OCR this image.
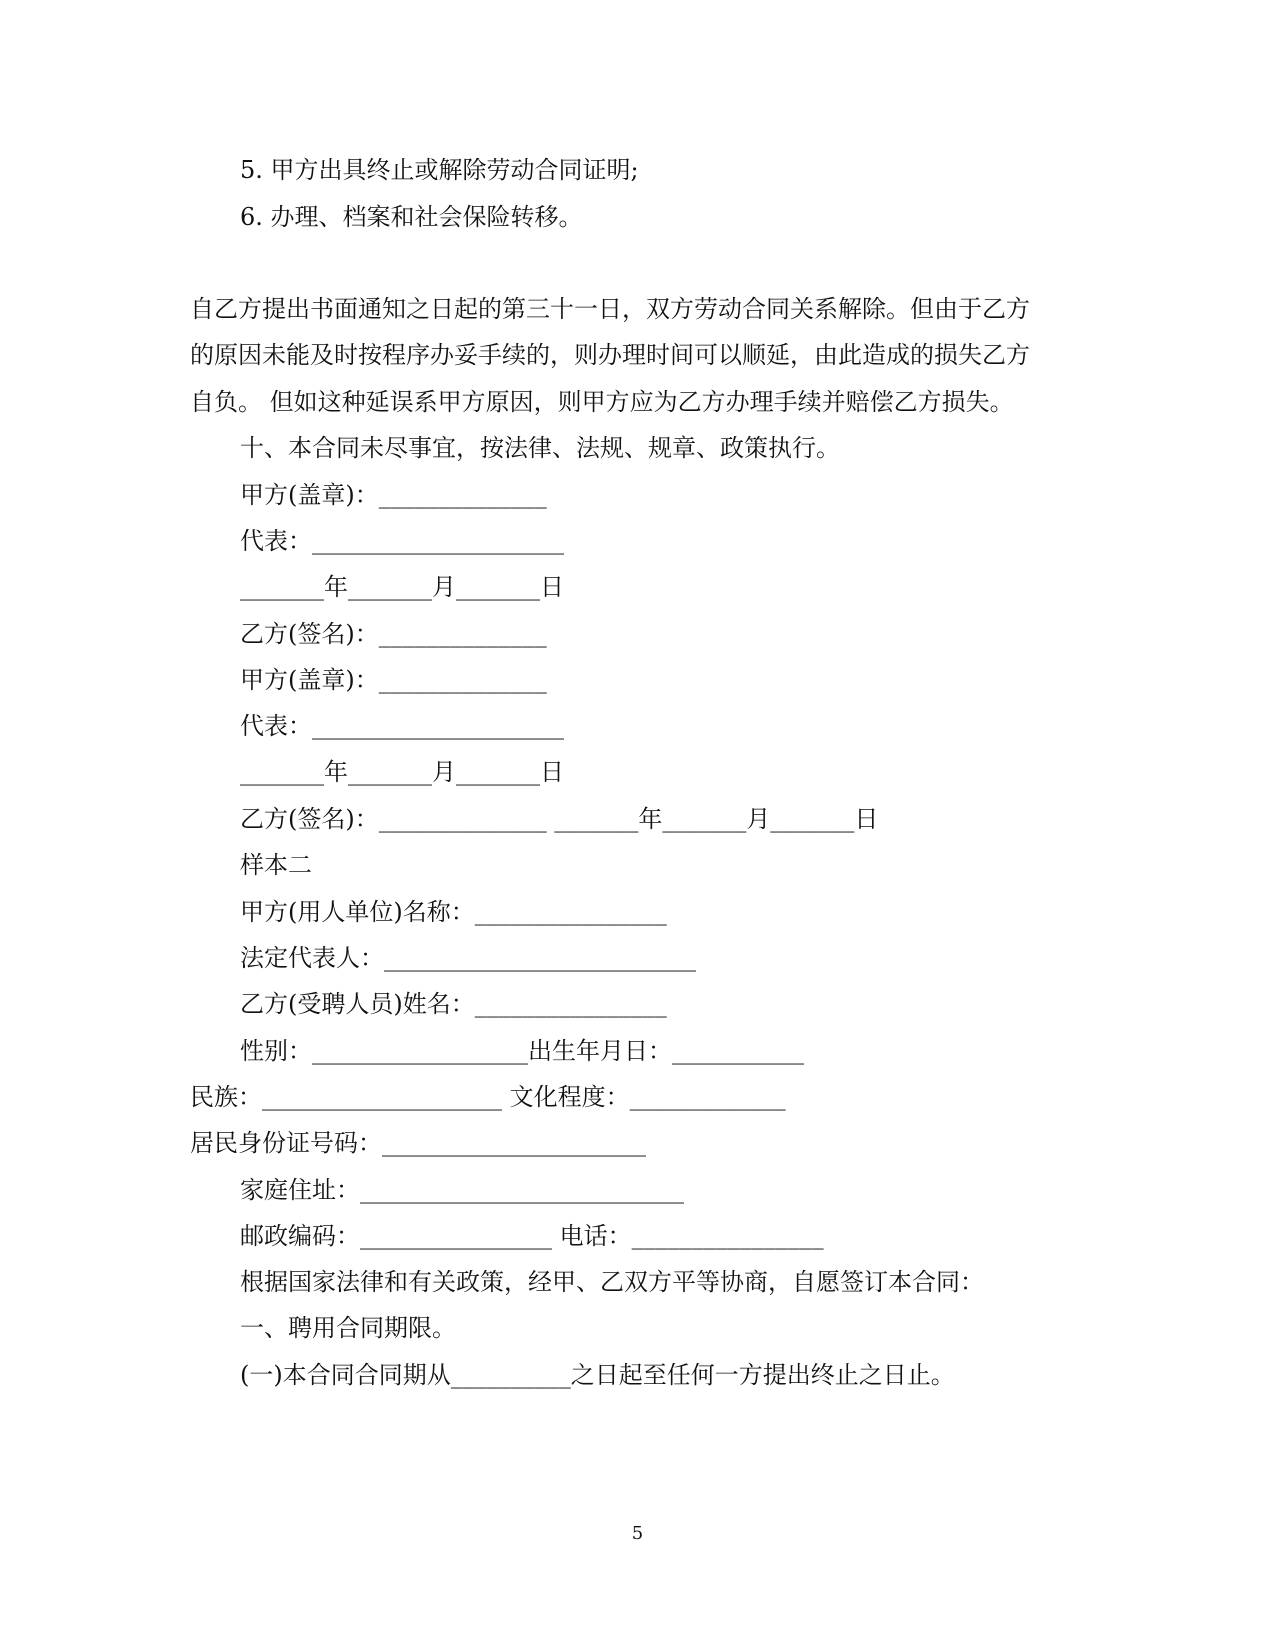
5. 甲方出具终止或解除劳动合同证明;
6. 办理、档案和社会保险转移。
自乙方提出书面通知之日起的第三十一日，双方劳动合同关系解除。但由于乙方
的原因未能及时按程序办妥手续的，则办理时间可以顺延，由此造成的损失乙方
自负。 但如这种延误系甲方原因，则甲方应为乙方办理手续并赔偿乙方损失。
十、本合同未尽事宜，按法律、法规、规章、政策执行。
甲方(盖章)：______________
代表：_____________________
_______年_______月_______日
乙方(签名)：______________
甲方(盖章)：______________
代表：_____________________
_______年_______月_______日
乙方(签名)：______________ _______年_______月_______日
样本二
甲方(用人单位)名称：________________
法定代表人：__________________________
乙方(受聘人员)姓名：________________
性别：__________________出生年月日：___________
民族：____________________ 文化程度：_____________
居民身份证号码：______________________
家庭住址：___________________________
邮政编码：________________ 电话：________________
根据国家法律和有关政策，经甲、乙双方平等协商，自愿签订本合同：
一、聘用合同期限。
(一)本合同合同期从__________之日起至任何一方提出终止之日止。
5
